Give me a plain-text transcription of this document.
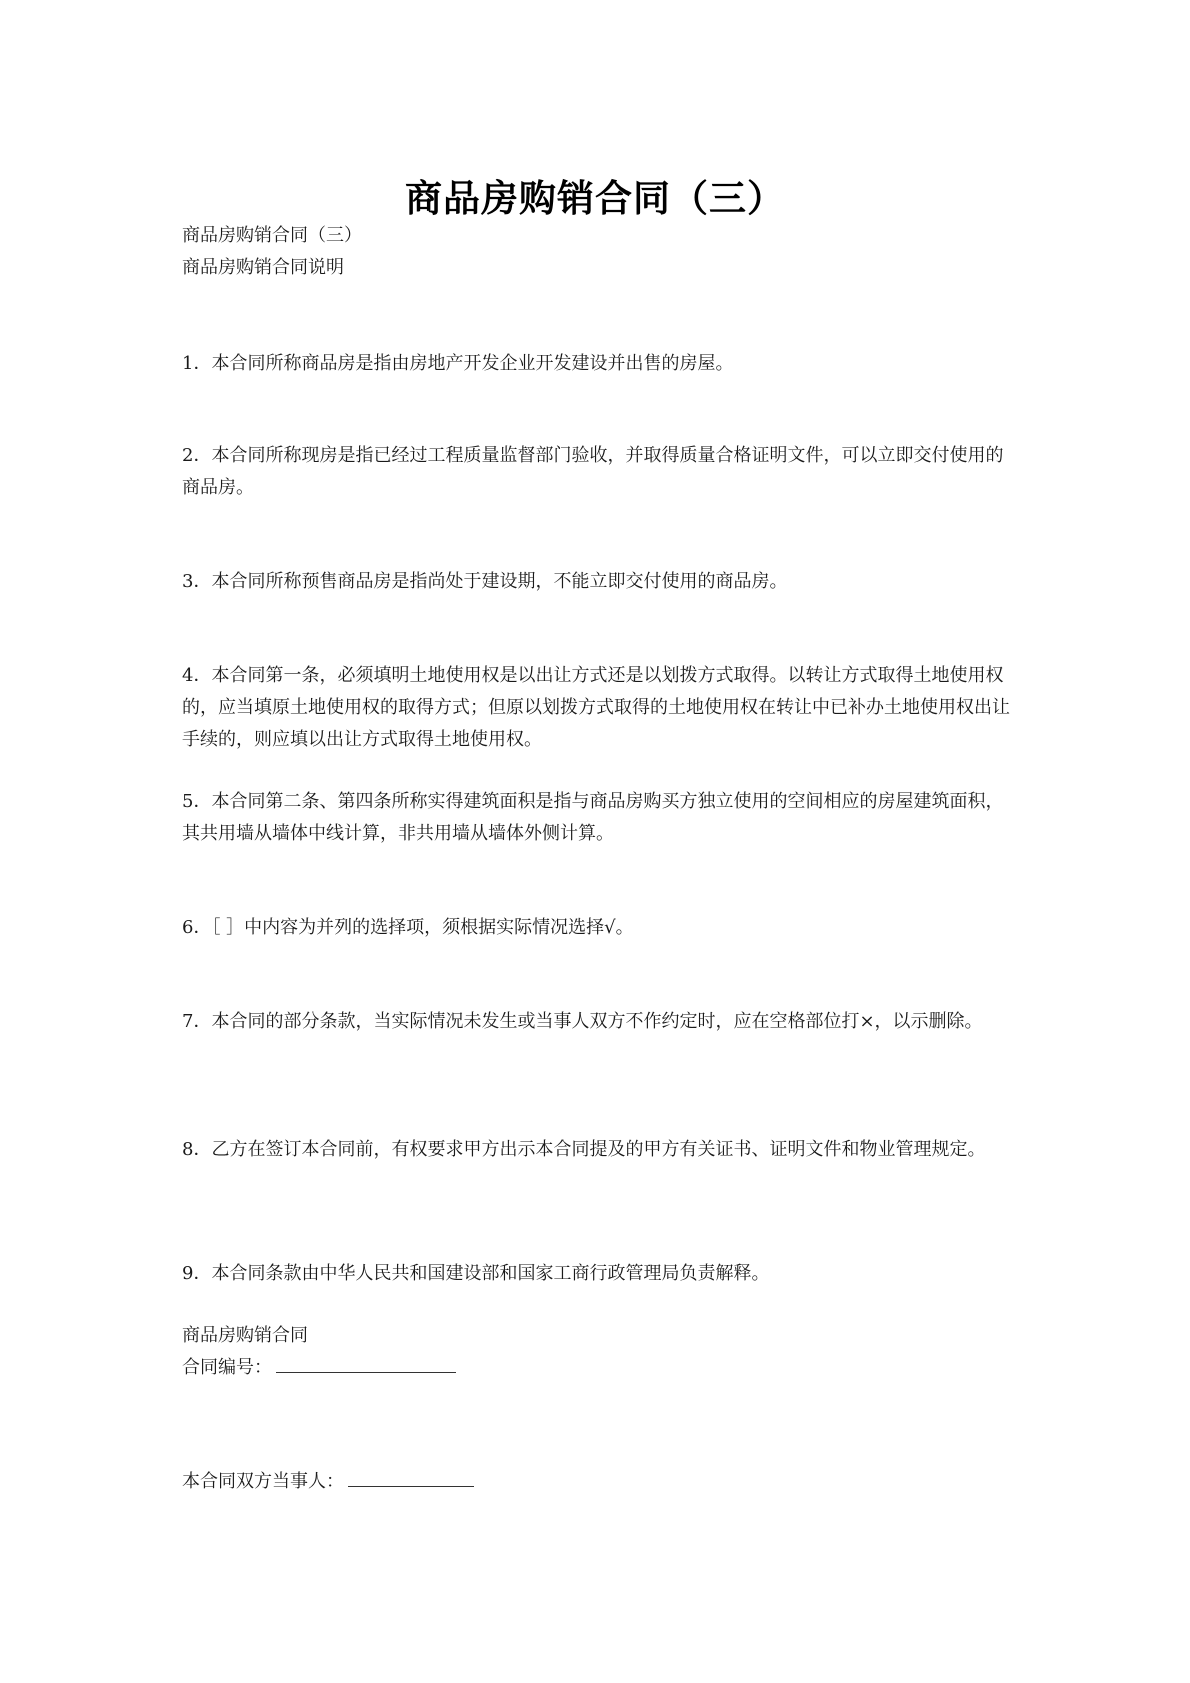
商品房购销合同（三）
商品房购销合同（三）
商品房购销合同说明
1．本合同所称商品房是指由房地产开发企业开发建设并出售的房屋。
2．本合同所称现房是指已经过工程质量监督部门验收，并取得质量合格证明文件，可以立即交付使用的商品房。
3．本合同所称预售商品房是指尚处于建设期，不能立即交付使用的商品房。
4．本合同第一条，必须填明土地使用权是以出让方式还是以划拨方式取得。以转让方式取得土地使用权的，应当填原土地使用权的取得方式；但原以划拨方式取得的土地使用权在转让中已补办土地使用权出让手续的，则应填以出让方式取得土地使用权。
5．本合同第二条、第四条所称实得建筑面积是指与商品房购买方独立使用的空间相应的房屋建筑面积，其共用墙从墙体中线计算，非共用墙从墙体外侧计算。
6．［ ］中内容为并列的选择项，须根据实际情况选择√。
7．本合同的部分条款，当实际情况未发生或当事人双方不作约定时，应在空格部位打×，以示删除。
8．乙方在签订本合同前，有权要求甲方出示本合同提及的甲方有关证书、证明文件和物业管理规定。
9．本合同条款由中华人民共和国建设部和国家工商行政管理局负责解释。
商品房购销合同
合同编号：
本合同双方当事人：
